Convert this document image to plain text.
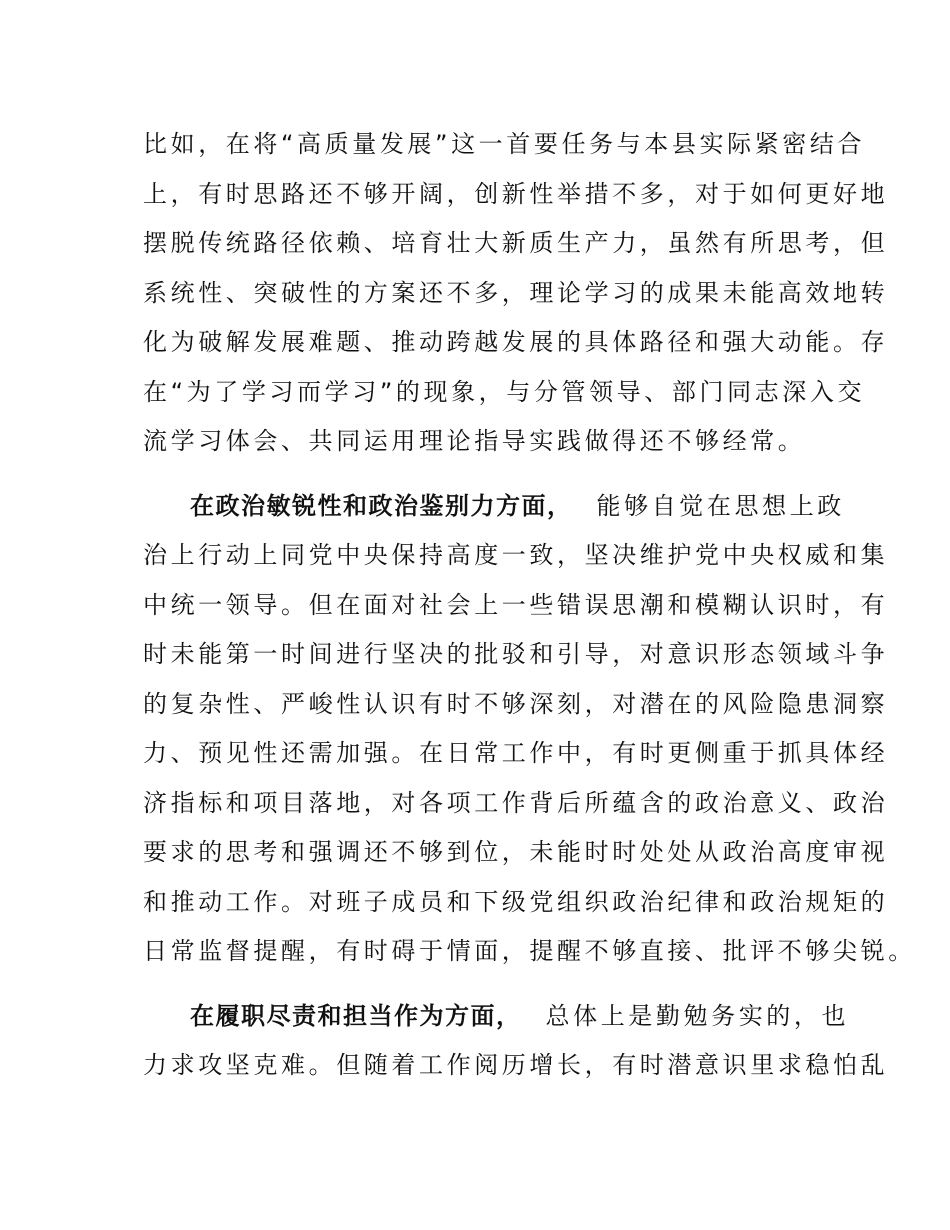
比如，在将“高质量发展”这一首要任务与本县实际紧密结合
上，有时思路还不够开阔，创新性举措不多，对于如何更好地
摆脱传统路径依赖、培育壮大新质生产力，虽然有所思考，但
系统性、突破性的方案还不多，理论学习的成果未能高效地转
化为破解发展难题、推动跨越发展的具体路径和强大动能。存
在“为了学习而学习”的现象，与分管领导、部门同志深入交
流学习体会、共同运用理论指导实践做得还不够经常。
在政治敏锐性和政治鉴别力方面， 能够自觉在思想上政
治上行动上同党中央保持高度一致，坚决维护党中央权威和集
中统一领导。但在面对社会上一些错误思潮和模糊认识时，有
时未能第一时间进行坚决的批驳和引导，对意识形态领域斗争
的复杂性、严峻性认识有时不够深刻，对潜在的风险隐患洞察
力、预见性还需加强。在日常工作中，有时更侧重于抓具体经
济指标和项目落地，对各项工作背后所蕴含的政治意义、政治
要求的思考和强调还不够到位，未能时时处处从政治高度审视
和推动工作。对班子成员和下级党组织政治纪律和政治规矩的
日常监督提醒，有时碍于情面，提醒不够直接、批评不够尖锐。
在履职尽责和担当作为方面， 总体上是勤勉务实的，也
力求攻坚克难。但随着工作阅历增长，有时潜意识里求稳怕乱
